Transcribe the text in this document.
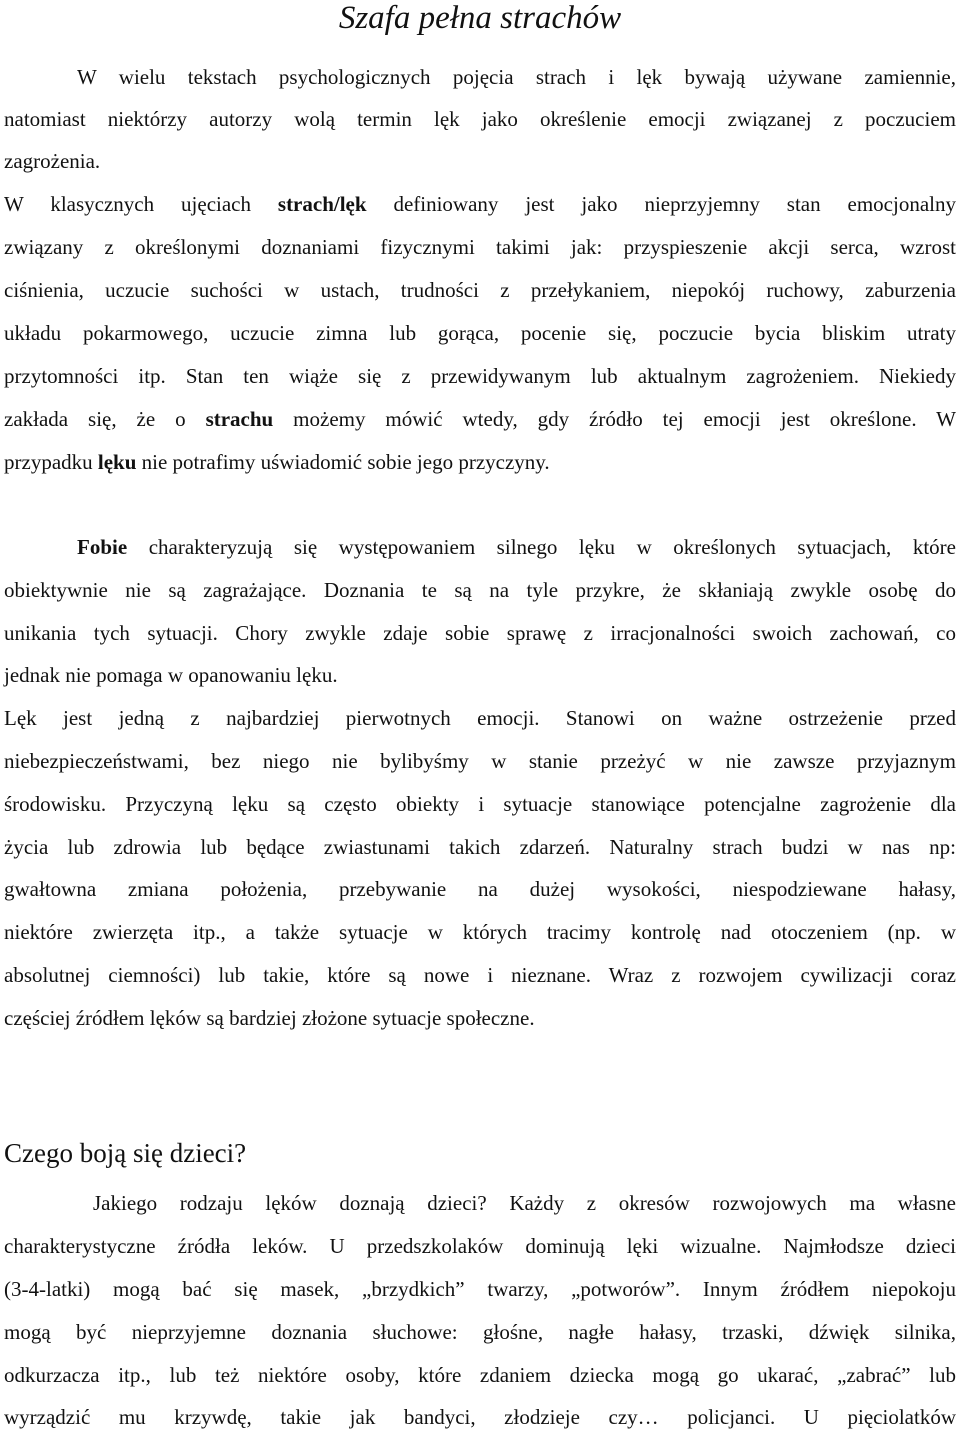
Szafa pełna strachów
W wielu tekstach psychologicznych pojęcia strach i lęk bywają używane zamiennie,
natomiast niektórzy autorzy wolą termin lęk jako określenie emocji związanej z poczuciem
zagrożenia.
W klasycznych ujęciach strach/lęk definiowany jest jako nieprzyjemny stan emocjonalny
związany z określonymi doznaniami fizycznymi takimi jak: przyspieszenie akcji serca, wzrost
ciśnienia, uczucie suchości w ustach, trudności z przełykaniem, niepokój ruchowy, zaburzenia
układu pokarmowego, uczucie zimna lub gorąca, pocenie się, poczucie bycia bliskim utraty
przytomności itp. Stan ten wiąże się z przewidywanym lub aktualnym zagrożeniem. Niekiedy
zakłada się, że o strachu możemy mówić wtedy, gdy źródło tej emocji jest określone. W
przypadku lęku nie potrafimy uświadomić sobie jego przyczyny.
Fobie charakteryzują się występowaniem silnego lęku w określonych sytuacjach, które
obiektywnie nie są zagrażające. Doznania te są na tyle przykre, że skłaniają zwykle osobę do
unikania tych sytuacji. Chory zwykle zdaje sobie sprawę z irracjonalności swoich zachowań, co
jednak nie pomaga w opanowaniu lęku.
Lęk jest jedną z najbardziej pierwotnych emocji. Stanowi on ważne ostrzeżenie przed
niebezpieczeństwami, bez niego nie bylibyśmy w stanie przeżyć w nie zawsze przyjaznym
środowisku. Przyczyną lęku są często obiekty i sytuacje stanowiące potencjalne zagrożenie dla
życia lub zdrowia lub będące zwiastunami takich zdarzeń. Naturalny strach budzi w nas np:
gwałtowna zmiana położenia, przebywanie na dużej wysokości, niespodziewane hałasy,
niektóre zwierzęta itp., a także sytuacje w których tracimy kontrolę nad otoczeniem (np. w
absolutnej ciemności) lub takie, które są nowe i nieznane. Wraz z rozwojem cywilizacji coraz
częściej źródłem lęków są bardziej złożone sytuacje społeczne.
Czego boją się dzieci?
Jakiego rodzaju lęków doznają dzieci? Każdy z okresów rozwojowych ma własne
charakterystyczne źródła leków. U przedszkolaków dominują lęki wizualne. Najmłodsze dzieci
(3-4-latki) mogą bać się masek, „brzydkich” twarzy, „potworów”. Innym źródłem niepokoju
mogą być nieprzyjemne doznania słuchowe: głośne, nagłe hałasy, trzaski, dźwięk silnika,
odkurzacza itp., lub też niektóre osoby, które zdaniem dziecka mogą go ukarać, „zabrać” lub
wyrządzić mu krzywdę, takie jak bandyci, złodzieje czy… policjanci. U pięciolatków
